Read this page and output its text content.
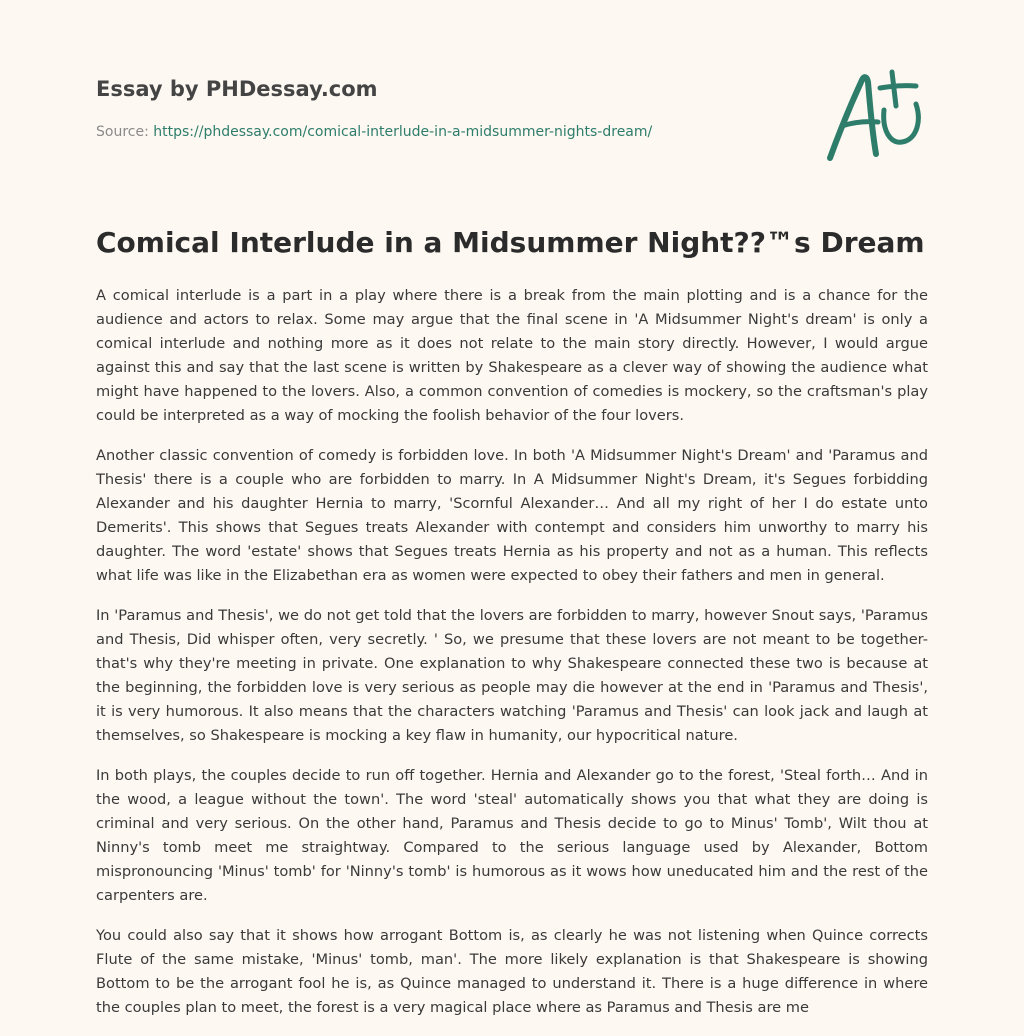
Essay by PHDessay.com

Source: https://phdessay.com/comical-interlude-in-a-midsummer-nights-dream/

Comical Interlude in a Midsummer Night??™s Dream

A comical interlude is a part in a play where there is a break from the main plotting and is a chance for the audience and actors to relax. Some may argue that the final scene in 'A Midsummer Night's dream' is only a comical interlude and nothing more as it does not relate to the main story directly. However, I would argue against this and say that the last scene is written by Shakespeare as a clever way of showing the audience what might have happened to the lovers. Also, a common convention of comedies is mockery, so the craftsman's play could be interpreted as a way of mocking the foolish behavior of the four lovers.

Another classic convention of comedy is forbidden love. In both 'A Midsummer Night's Dream' and 'Paramus and Thesis' there is a couple who are forbidden to marry. In A Midsummer Night's Dream, it's Segues forbidding Alexander and his daughter Hernia to marry, 'Scornful Alexander… And all my right of her I do estate unto Demerits'. This shows that Segues treats Alexander with contempt and considers him unworthy to marry his daughter. The word 'estate' shows that Segues treats Hernia as his property and not as a human. This reflects what life was like in the Elizabethan era as women were expected to obey their fathers and men in general.

In 'Paramus and Thesis', we do not get told that the lovers are forbidden to marry, however Snout says, 'Paramus and Thesis, Did whisper often, very secretly. ' So, we presume that these lovers are not meant to be together- that's why they're meeting in private. One explanation to why Shakespeare connected these two is because at the beginning, the forbidden love is very serious as people may die however at the end in 'Paramus and Thesis', it is very humorous. It also means that the characters watching 'Paramus and Thesis' can look jack and laugh at themselves, so Shakespeare is mocking a key flaw in humanity, our hypocritical nature.

In both plays, the couples decide to run off together. Hernia and Alexander go to the forest, 'Steal forth… And in the wood, a league without the town'. The word 'steal' automatically shows you that what they are doing is criminal and very serious. On the other hand, Paramus and Thesis decide to go to Minus' Tomb', Wilt thou at Ninny's tomb meet me straightway. Compared to the serious language used by Alexander, Bottom mispronouncing 'Minus' tomb' for 'Ninny's tomb' is humorous as it wows how uneducated him and the rest of the carpenters are.

You could also say that it shows how arrogant Bottom is, as clearly he was not listening when Quince corrects Flute of the same mistake, 'Minus' tomb, man'. The more likely explanation is that Shakespeare is showing Bottom to be the arrogant fool he is, as Quince managed to understand it. There is a huge difference in where the couples plan to meet, the forest is a very magical place where as Paramus and Thesis are me
